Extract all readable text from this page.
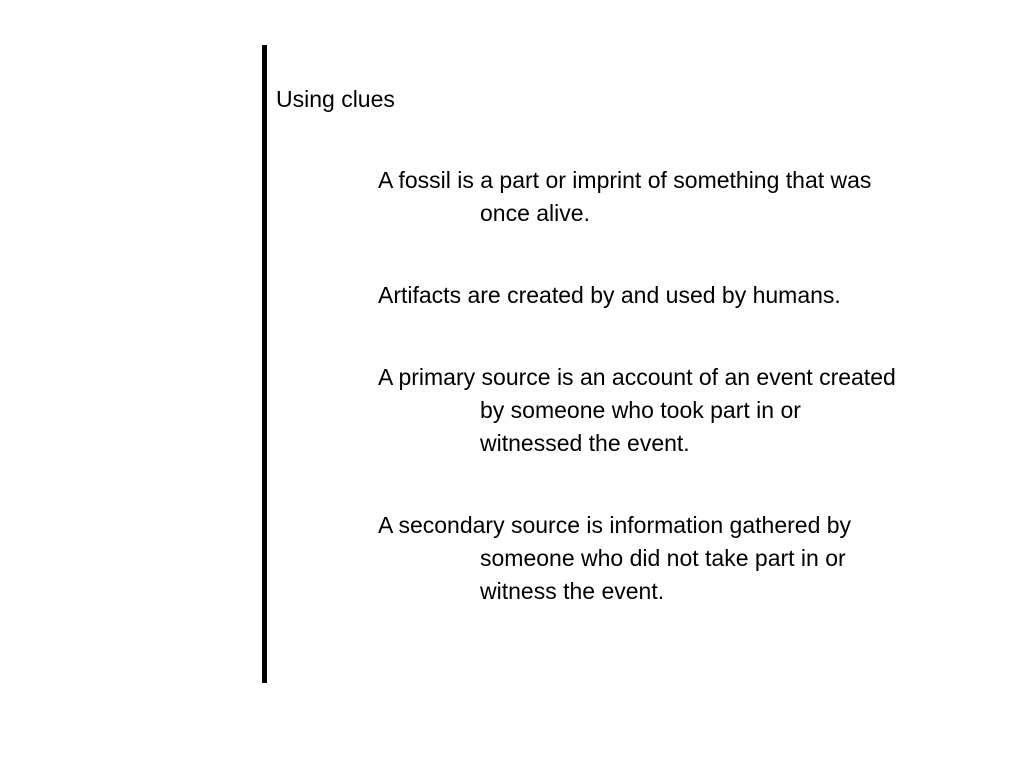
Using clues
A fossil is a part or imprint of something that was
once alive.
Artifacts are created by and used by humans.
A primary source is an account of an event created
by someone who took part in or
witnessed the event.
A secondary source is information gathered by
someone who did not take part in or
witness the event.
